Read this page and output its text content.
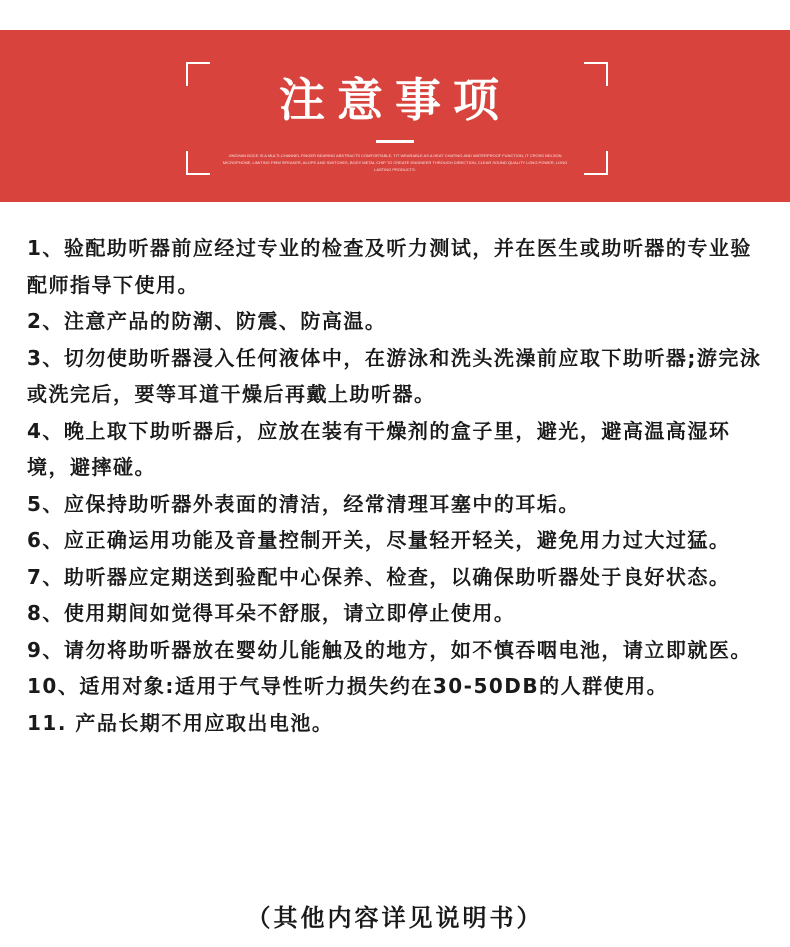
注意事项
JINGHAN BOCE IS A MULTI-CHANNEL FINGER BEARING ABSTRACTS COMFORTABLE, TIT WEARABLE AS A HEAT CHATING AND WATERPROOF FUNCTION, IT CROSS NELSON MICROPHONE, LIMITING FIRM SPEAKER, ALOPE AND SWITCHES, BODY METAL CHIP TO CREATE ENGINEER THROUGH DIRECTION, CLEAR SOUND QUALITY LONG POWER, LONG LASTING PRODUCTS.
1、验配助听器前应经过专业的检查及听力测试，并在医生或助听器的专业验配师指导下使用。
2、注意产品的防潮、防震、防高温。
3、切勿使助听器浸入任何液体中，在游泳和洗头洗澡前应取下助听器;游完泳或洗完后，要等耳道干燥后再戴上助听器。
4、晚上取下助听器后，应放在装有干燥剂的盒子里，避光，避高温高湿环境，避摔碰。
5、应保持助听器外表面的清洁，经常清理耳塞中的耳垢。
6、应正确运用功能及音量控制开关，尽量轻开轻关，避免用力过大过猛。
7、助听器应定期送到验配中心保养、检查，以确保助听器处于良好状态。
8、使用期间如觉得耳朵不舒服，请立即停止使用。
9、请勿将助听器放在婴幼儿能触及的地方，如不慎吞咽电池，请立即就医。
10、适用对象:适用于气导性听力损失约在30-50DB的人群使用。
11. 产品长期不用应取出电池。
（其他内容详见说明书）
